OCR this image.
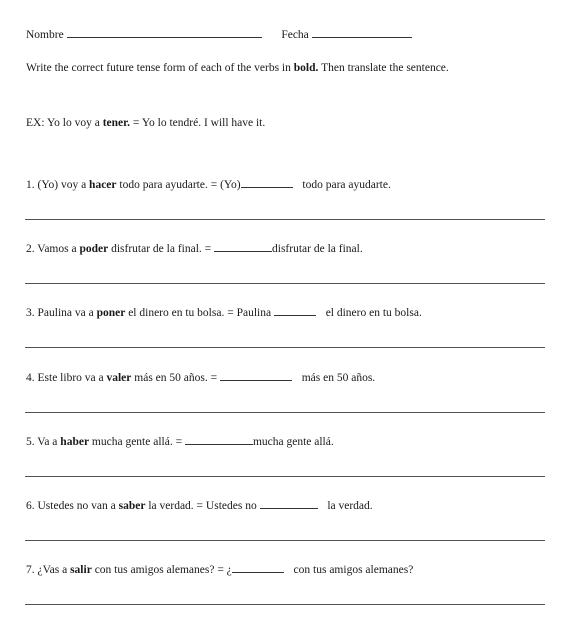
Nombre	Fecha
Write the correct future tense form of each of the verbs in bold. Then translate the sentence.
EX: Yo lo voy a tener. = Yo lo tendré. I will have it.
1. (Yo) voy a hacer todo para ayudarte. = (Yo)	todo para ayudarte.
2. Vamos a poder disfrutar de la final. =	disfrutar de la final.
3. Paulina va a poner el dinero en tu bolsa. = Paulina	el dinero en tu bolsa.
4. Este libro va a valer más en 50 años. =	más en 50 años.
5. Va a haber mucha gente allá. =	mucha gente allá.
6. Ustedes no van a saber la verdad. = Ustedes no	la verdad.
7. ¿Vas a salir con tus amigos alemanes? = ¿	con tus amigos alemanes?
